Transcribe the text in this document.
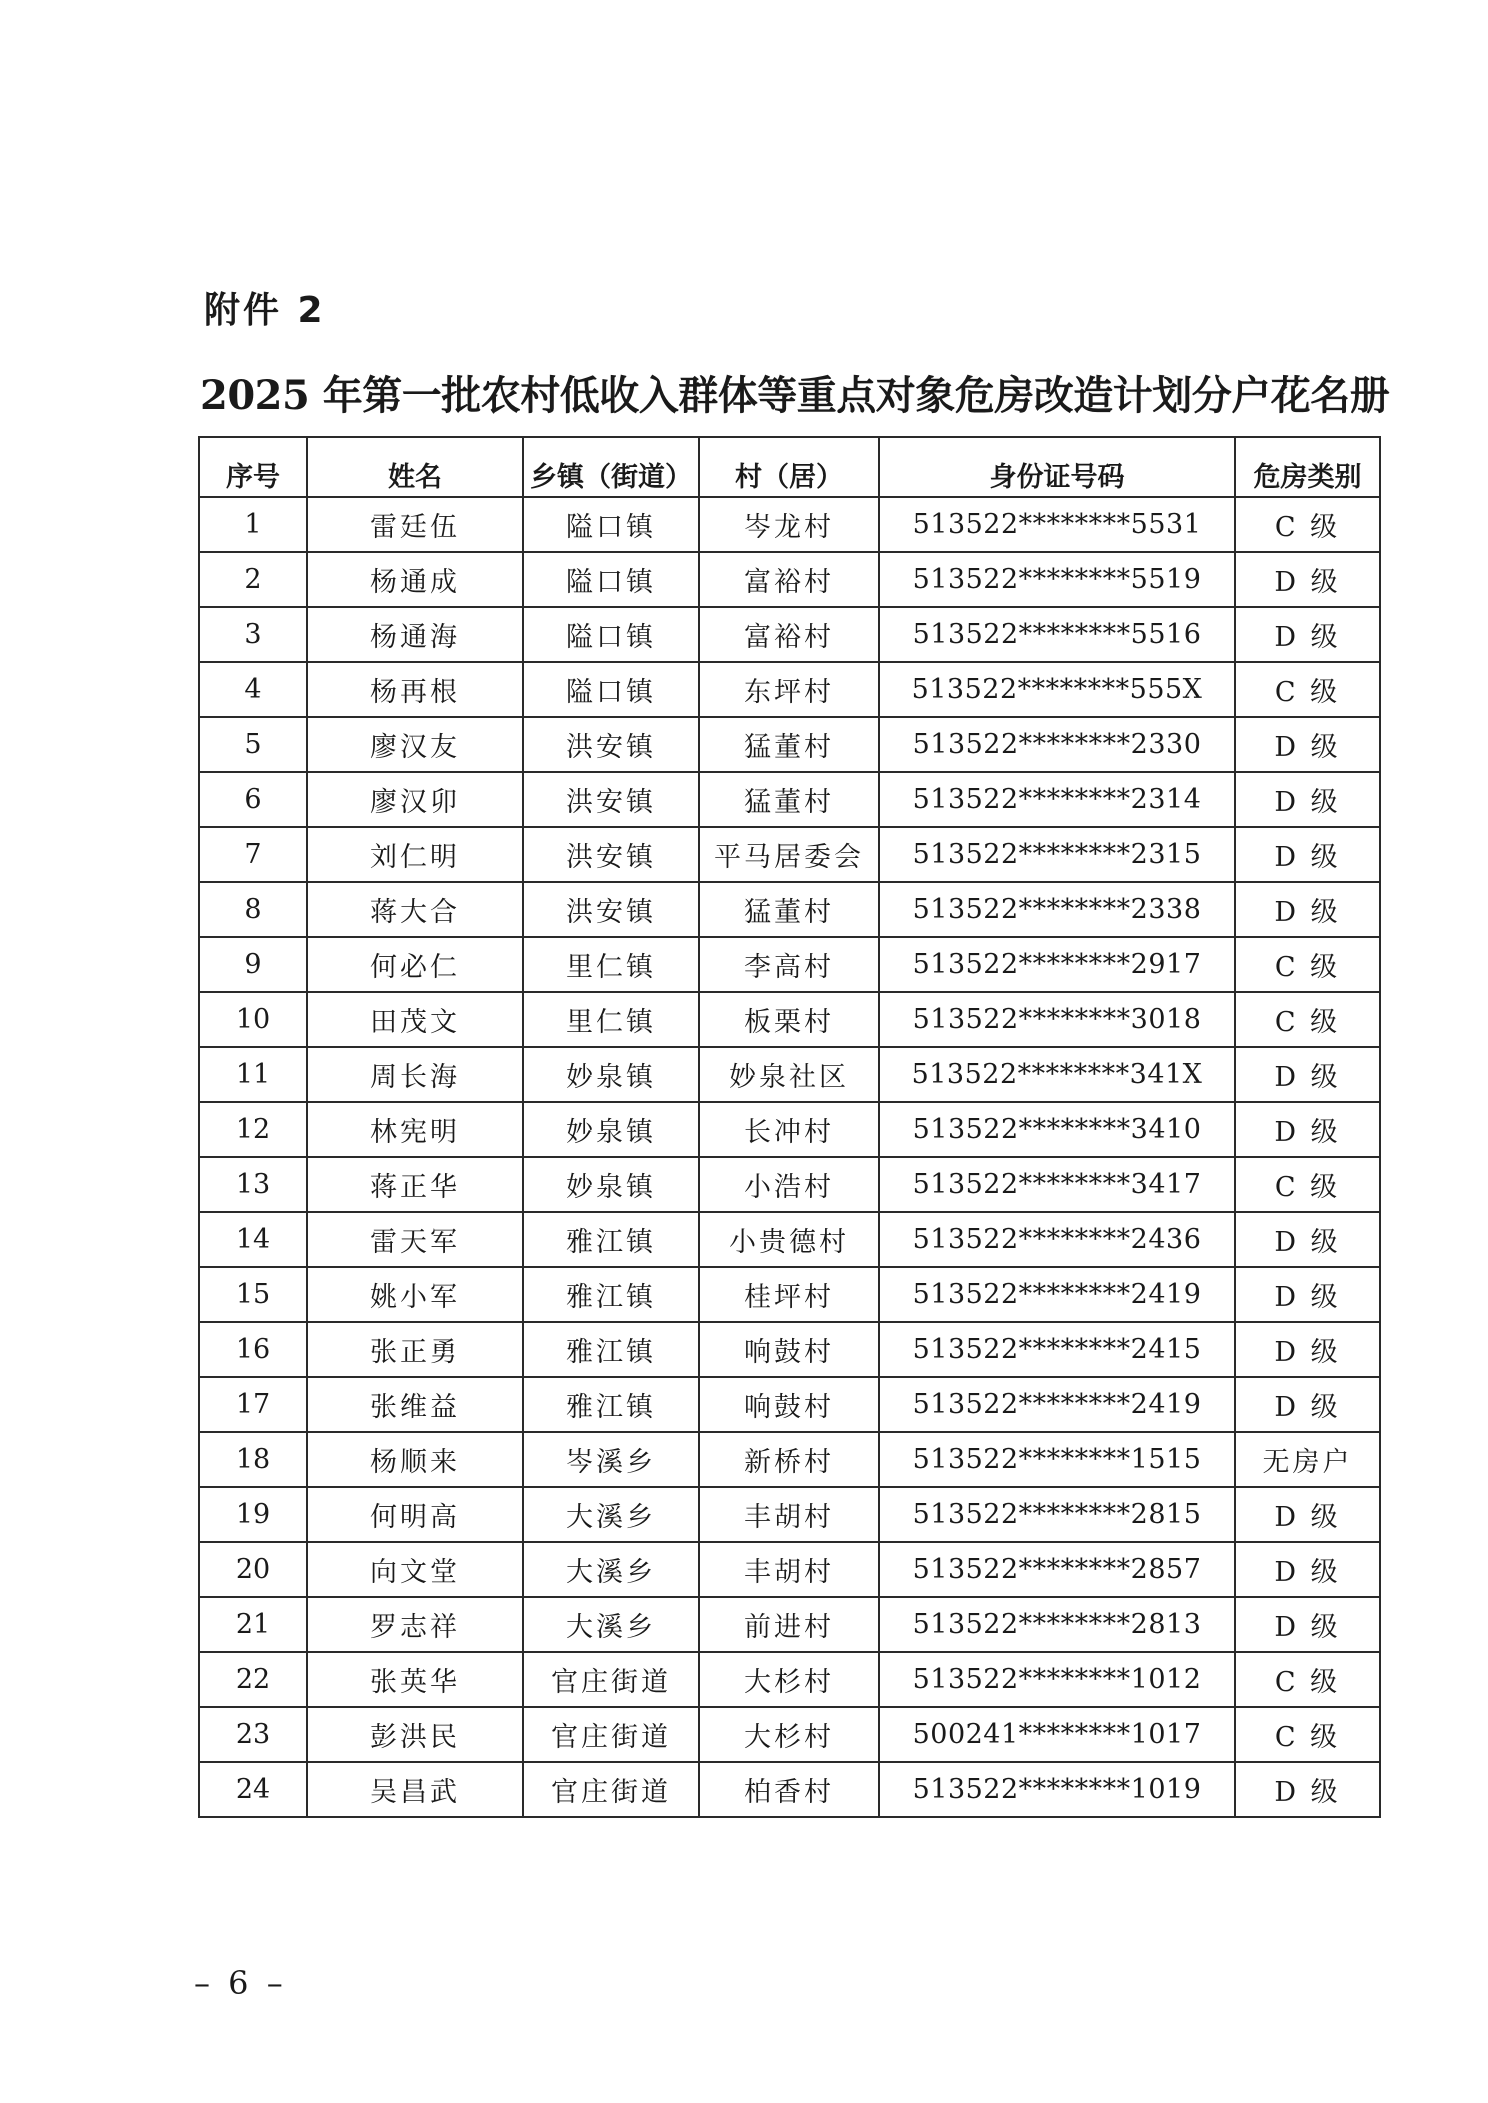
附件 2
2025 年第一批农村低收入群体等重点对象危房改造计划分户花名册
序号	姓名	乡镇（街道）	村（居）	身份证号码	危房类别
1	雷廷伍	隘口镇	岑龙村	513522********5531	C 级
2	杨通成	隘口镇	富裕村	513522********5519	D 级
3	杨通海	隘口镇	富裕村	513522********5516	D 级
4	杨再根	隘口镇	东坪村	513522********555X	C 级
5	廖汉友	洪安镇	猛董村	513522********2330	D 级
6	廖汉卯	洪安镇	猛董村	513522********2314	D 级
7	刘仁明	洪安镇	平马居委会	513522********2315	D 级
8	蒋大合	洪安镇	猛董村	513522********2338	D 级
9	何必仁	里仁镇	李高村	513522********2917	C 级
10	田茂文	里仁镇	板栗村	513522********3018	C 级
11	周长海	妙泉镇	妙泉社区	513522********341X	D 级
12	林宪明	妙泉镇	长冲村	513522********3410	D 级
13	蒋正华	妙泉镇	小浩村	513522********3417	C 级
14	雷天军	雅江镇	小贵德村	513522********2436	D 级
15	姚小军	雅江镇	桂坪村	513522********2419	D 级
16	张正勇	雅江镇	响鼓村	513522********2415	D 级
17	张维益	雅江镇	响鼓村	513522********2419	D 级
18	杨顺来	岑溪乡	新桥村	513522********1515	无房户
19	何明高	大溪乡	丰胡村	513522********2815	D 级
20	向文堂	大溪乡	丰胡村	513522********2857	D 级
21	罗志祥	大溪乡	前进村	513522********2813	D 级
22	张英华	官庄街道	大杉村	513522********1012	C 级
23	彭洪民	官庄街道	大杉村	500241********1017	C 级
24	吴昌武	官庄街道	柏香村	513522********1019	D 级
– 6 –
